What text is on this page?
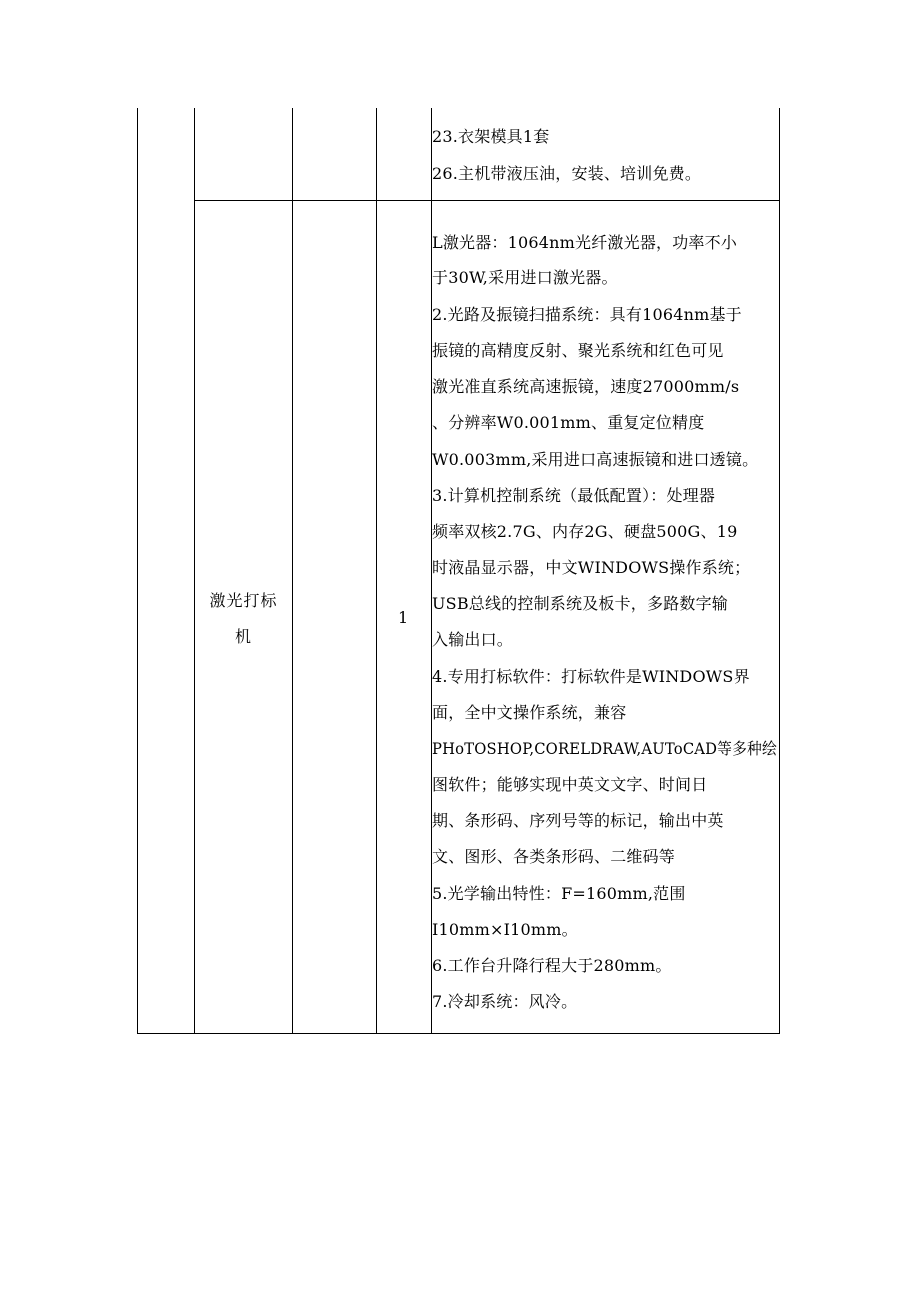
23.衣架模具1套
26.主机带液压油，安装、培训免费。
激光打标
机
1
L激光器：1064nm光纤激光器，功率不小
于30W,采用进口激光器。
2.光路及振镜扫描系统：具有1064nm基于
振镜的高精度反射、聚光系统和红色可见
激光准直系统高速振镜，速度27000mm/s
、分辨率W0.001mm、重复定位精度
W0.003mm,采用进口高速振镜和进口透镜。
3.计算机控制系统（最低配置）：处理器
频率双核2.7G、内存2G、硬盘500G、19
时液晶显示器，中文WINDOWS操作系统；
USB总线的控制系统及板卡，多路数字输
入输出口。
4.专用打标软件：打标软件是WINDOWS界
面，全中文操作系统，兼容
PHoTOSHOP,CORELDRAW,AUToCAD等多种绘
图软件；能够实现中英文文字、时间日
期、条形码、序列号等的标记，输出中英
文、图形、各类条形码、二维码等
5.光学输出特性：F=160mm,范围
I10mm×I10mm。
6.工作台升降行程大于280mm。
7.冷却系统：风冷。
